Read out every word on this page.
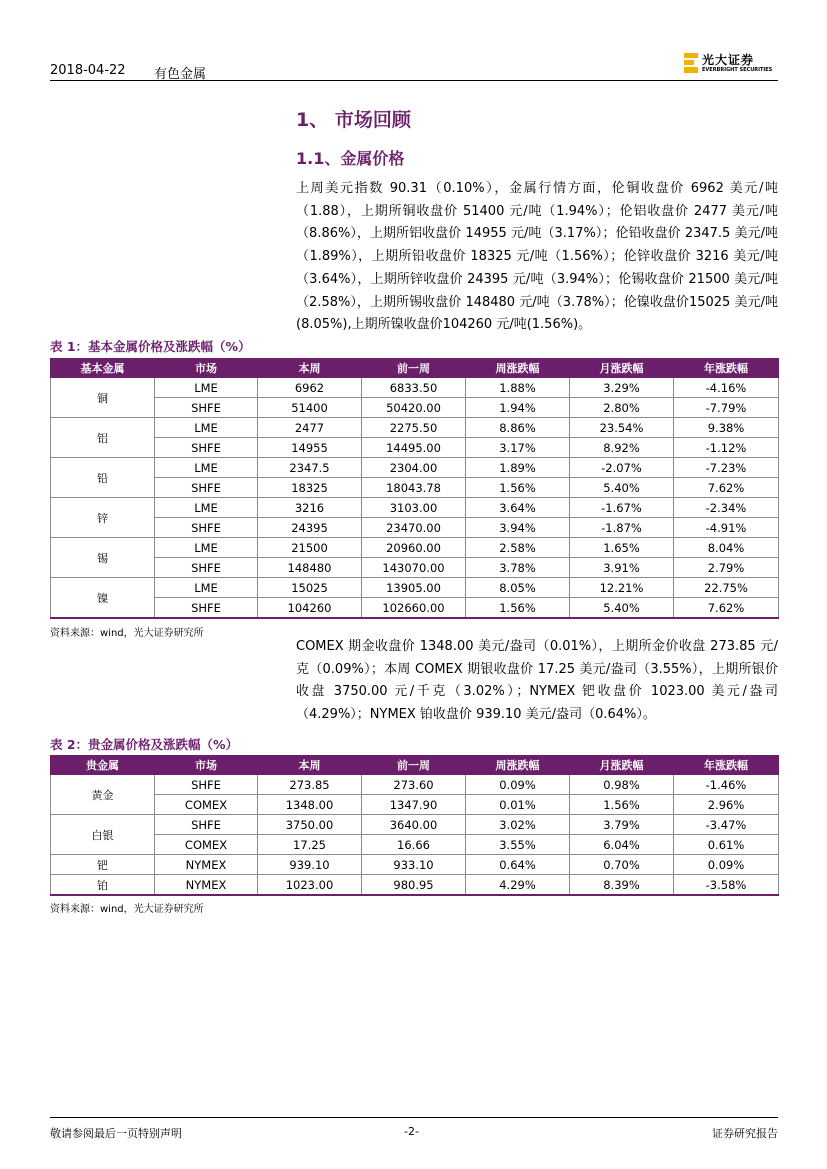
2018-04-22 有色金属
光大证券
EVERBRIGHT SECURITIES
1、 市场回顾
1.1、金属价格
上周美元指数 90.31（0.10%），金属行情方面，伦铜收盘价 6962 美元/吨（1.88），上期所铜收盘价 51400 元/吨（1.94%）；伦铝收盘价 2477 美元/吨（8.86%），上期所铝收盘价 14955 元/吨（3.17%）；伦铅收盘价 2347.5 美元/吨（1.89%），上期所铅收盘价 18325 元/吨（1.56%）；伦锌收盘价 3216 美元/吨（3.64%），上期所锌收盘价 24395 元/吨（3.94%）；伦锡收盘价 21500 美元/吨（2.58%），上期所锡收盘价 148480 元/吨（3.78%）；伦镍收盘价15025 美元/吨(8.05%),上期所镍收盘价104260 元/吨(1.56%)。
表 1：基本金属价格及涨跌幅（%）
基本金属	市场	本周	前一周	周涨跌幅	月涨跌幅	年涨跌幅
铜	LME	6962	6833.50	1.88%	3.29%	-4.16%
	SHFE	51400	50420.00	1.94%	2.80%	-7.79%
铝	LME	2477	2275.50	8.86%	23.54%	9.38%
	SHFE	14955	14495.00	3.17%	8.92%	-1.12%
铅	LME	2347.5	2304.00	1.89%	-2.07%	-7.23%
	SHFE	18325	18043.78	1.56%	5.40%	7.62%
锌	LME	3216	3103.00	3.64%	-1.67%	-2.34%
	SHFE	24395	23470.00	3.94%	-1.87%	-4.91%
锡	LME	21500	20960.00	2.58%	1.65%	8.04%
	SHFE	148480	143070.00	3.78%	3.91%	2.79%
镍	LME	15025	13905.00	8.05%	12.21%	22.75%
	SHFE	104260	102660.00	1.56%	5.40%	7.62%
资料来源：wind，光大证券研究所
COMEX 期金收盘价 1348.00 美元/盎司（0.01%），上期所金价收盘 273.85 元/克（0.09%）；本周 COMEX 期银收盘价 17.25 美元/盎司（3.55%），上期所银价收盘 3750.00 元/千克（3.02%）；NYMEX 钯收盘价 1023.00 美元/盎司（4.29%）；NYMEX 铂收盘价 939.10 美元/盎司（0.64%）。
表 2：贵金属价格及涨跌幅（%）
贵金属	市场	本周	前一周	周涨跌幅	月涨跌幅	年涨跌幅
黄金	SHFE	273.85	273.60	0.09%	0.98%	-1.46%
	COMEX	1348.00	1347.90	0.01%	1.56%	2.96%
白银	SHFE	3750.00	3640.00	3.02%	3.79%	-3.47%
	COMEX	17.25	16.66	3.55%	6.04%	0.61%
钯	NYMEX	939.10	933.10	0.64%	0.70%	0.09%
铂	NYMEX	1023.00	980.95	4.29%	8.39%	-3.58%
资料来源：wind，光大证券研究所
敬请参阅最后一页特别声明	-2-	证券研究报告
